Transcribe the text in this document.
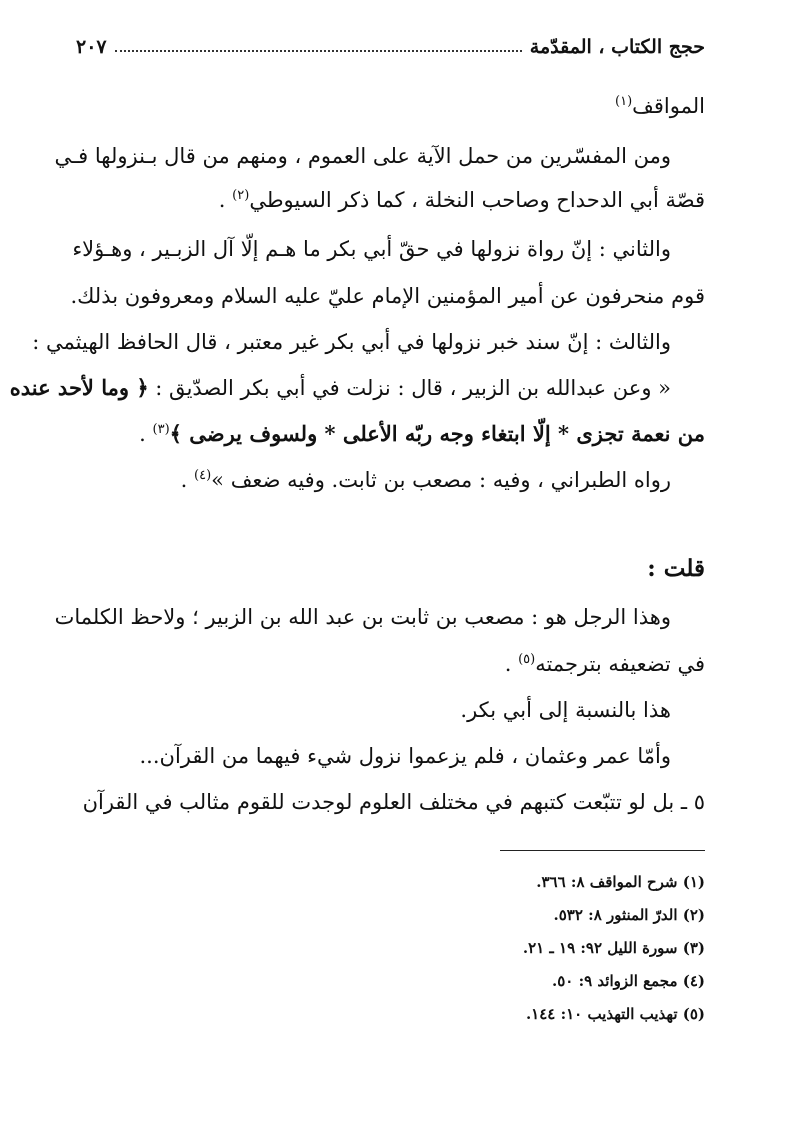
حجج الكتاب ، المقدّمة
٢٠٧
المواقف$^{(١)}$
ومن المفسّرين من حمل الآية على العموم ، ومنهم من قال بـنزولها فـي
قصّة أبي الدحداح وصاحب النخلة ، كما ذكر السيوطي$^{(٢)}$ .
والثاني : إنّ رواة نزولها في حقّ أبي بكر ما هـم إلّا آل الزبـير ، وهـؤلاء
قوم منحرفون عن أمير المؤمنين الإمام عليّ عليه السلام ومعروفون بذلك.
والثالث : إنّ سند خبر نزولها في أبي بكر غير معتبر ، قال الحافظ الهيثمي :
« وعن عبدالله بن الزبير ، قال : نزلت في أبي بكر الصدّيق : ﴿ وما لأحد عنده
من نعمة تجزى * إلّا ابتغاء وجه ربّه الأعلى * ولسوف يرضى ﴾$^{(٣)}$ .
رواه الطبراني ، وفيه : مصعب بن ثابت. وفيه ضعف »$^{(٤)}$ .
قلت :
وهذا الرجل هو : مصعب بن ثابت بن عبد الله بن الزبير ؛ ولاحظ الكلمات
في تضعيفه بترجمته$^{(٥)}$ .
هذا بالنسبة إلى أبي بكر.
وأمّا عمر وعثمان ، فلم يزعموا نزول شيء فيهما من القرآن...
٥ ـ بل لو تتبّعت كتبهم في مختلف العلوم لوجدت للقوم مثالب في القرآن
(١) شرح المواقف ٨: ٣٦٦.
(٢) الدرّ المنثور ٨: ٥٣٢.
(٣) سورة الليل ٩٢: ١٩ ـ ٢١.
(٤) مجمع الزوائد ٩: ٥٠.
(٥) تهذيب التهذيب ١٠: ١٤٤.
